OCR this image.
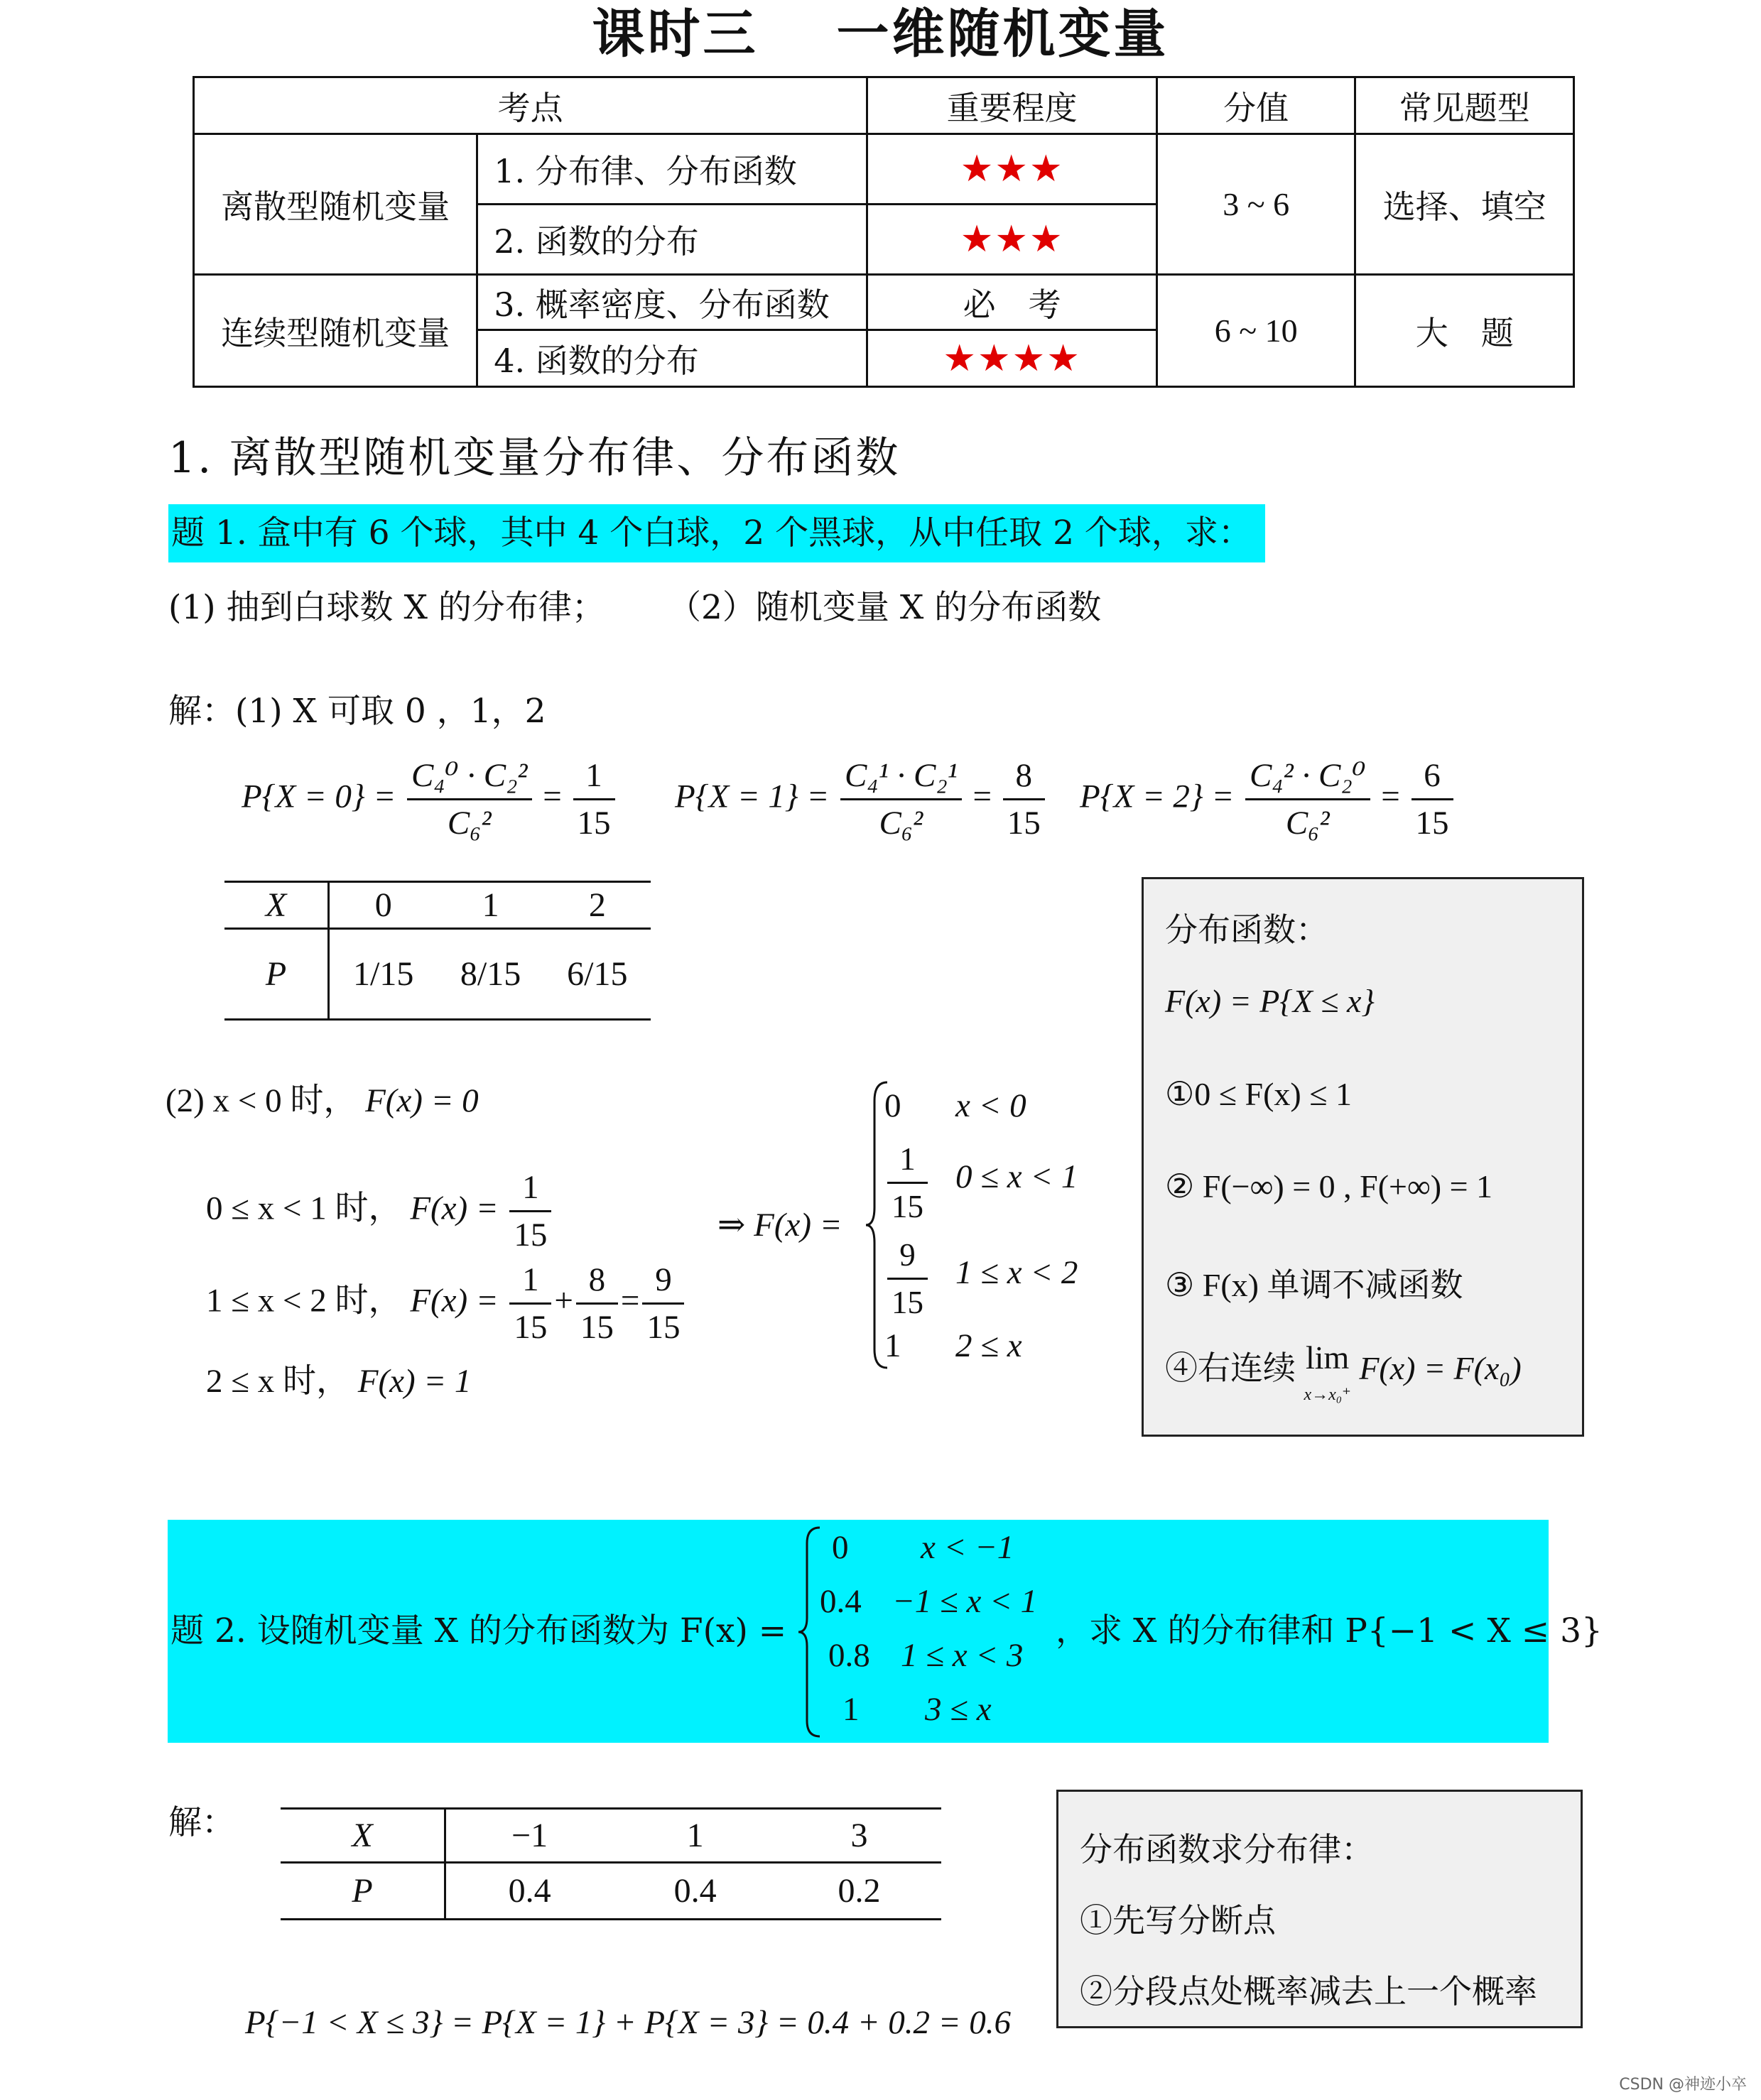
课时三 一维随机变量
考点		重要程度	分值	常见题型
离散型随机变量	1. 分布律、分布函数	★★★	3 ~ 6	选择、填空
	2. 函数的分布	★★★		
连续型随机变量	3. 概率密度、分布函数	必　考	6 ~ 10	大　题
	4. 函数的分布	★★★★		
1. 离散型随机变量分布律、分布函数
题 1. 盒中有 6 个球，其中 4 个白球，2 个黑球，从中任取 2 个球，求：
(1) 抽到白球数 X 的分布律； （2）随机变量 X 的分布函数
解：(1) X 可取 0 ，1，2
$P\{X = 0\} = \frac{\text{C₄⁰ · C₂²}}{\text{C₆²}} = \frac{1}{15} P\{X = 1\} = \frac{\text{C₄¹ · C₂¹}}{\text{C₆²}} = \frac{8}{15} P\{X = 2\} = \frac{\text{C₄² · C₂⁰}}{\text{C₆²}} = \frac{6}{15}$
X	0	1	2
P	1/15	8/15	6/15
(2) x < 0 时， F(x) = 0
0 ≤ x < 1 时， $F(x) = \frac{1}{15}$
1 ≤ x < 2 时， $F(x) = \frac{1}{15} + \frac{8}{15} = \frac{9}{15}$
2 ≤ x 时， F(x) = 1
⇒ F(x) =
0 x < 0
$\frac{1}{15} 0 \le x < 1$
$\frac{9}{15} 1 \le x < 2$
1 2 ≤ x
分布函数：
F(x) = P{X ≤ x}
①0 ≤ F(x) ≤ 1
② F(−∞) = 0 , F(+∞) = 1
③ F(x) 单调不减函数
④右连续 lim
x→x₀⁺ F(x) = F(x₀)
题 2. 设随机变量 X 的分布函数为 F(x) =
0 x < −1
0.4 −1 ≤ x < 1
0.8 1 ≤ x < 3
1 3 ≤ x
，求 X 的分布律和 P{−1 < X ≤ 3}
解：	X	−1	1	3
P	0.4	0.4	0.2
P{−1 < X ≤ 3} = P{X = 1} + P{X = 3} = 0.4 + 0.2 = 0.6
分布函数求分布律：
①先写分断点
②分段点处概率减去上一个概率
CSDN @神迹小卒
